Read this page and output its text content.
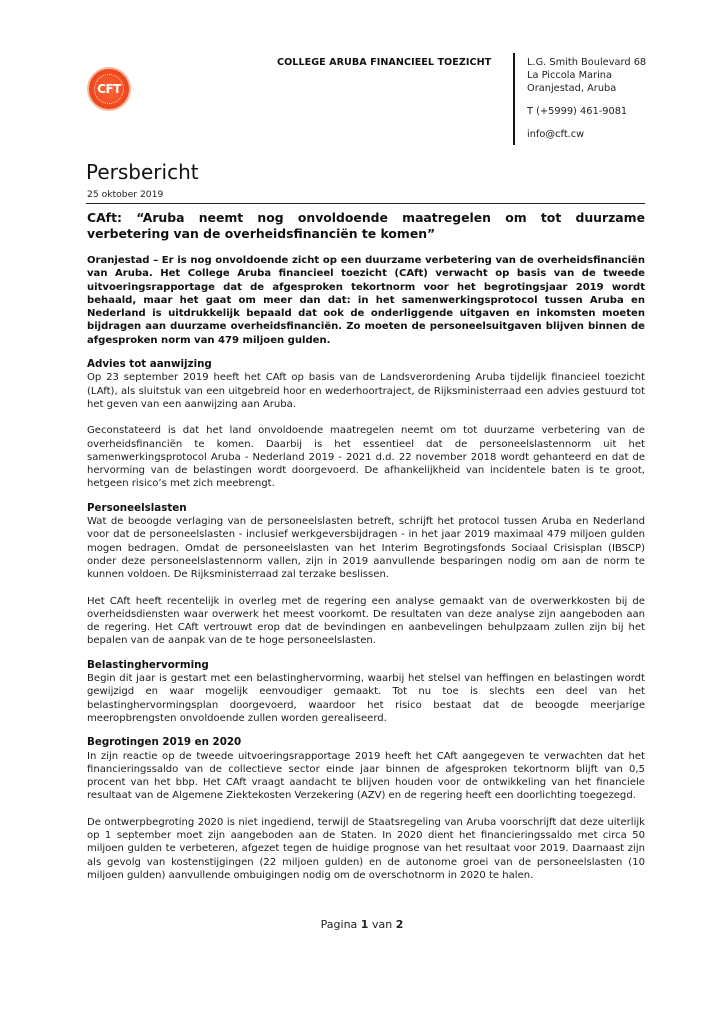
CFT
COLLEGE ARUBA FINANCIEEL TOEZICHT	L.G. Smith Boulevard 68
La Piccola Marina
Oranjestad, Aruba
T (+5999) 461-9081
info@cft.cw
Persbericht
25 oktober 2019
CAft: “Aruba neemt nog onvoldoende maatregelen om tot duurzame verbetering van de overheidsfinanciën te komen”

Oranjestad – Er is nog onvoldoende zicht op een duurzame verbetering van de overheidsfinanciën van Aruba. Het College Aruba financieel toezicht (CAft) verwacht op basis van de tweede uitvoeringsrapportage dat de afgesproken tekortnorm voor het begrotingsjaar 2019 wordt behaald, maar het gaat om meer dan dat: in het samenwerkingsprotocol tussen Aruba en Nederland is uitdrukkelijk bepaald dat ook de onderliggende uitgaven en inkomsten moeten bijdragen aan duurzame overheidsfinanciën. Zo moeten de personeelsuitgaven blijven binnen de afgesproken norm van 479 miljoen gulden.

Advies tot aanwijzing

Op 23 september 2019 heeft het CAft op basis van de Landsverordening Aruba tijdelijk financieel toezicht (LAft), als sluitstuk van een uitgebreid hoor en wederhoortraject, de Rijksministerraad een advies gestuurd tot het geven van een aanwijzing aan Aruba.

Geconstateerd is dat het land onvoldoende maatregelen neemt om tot duurzame verbetering van de overheidsfinanciën te komen. Daarbij is het essentieel dat de personeelslastennorm uit het samenwerkingsprotocol Aruba - Nederland 2019 - 2021 d.d. 22 november 2018 wordt gehanteerd en dat de hervorming van de belastingen wordt doorgevoerd. De afhankelijkheid van incidentele baten is te groot, hetgeen risico’s met zich meebrengt.

Personeelslasten

Wat de beoogde verlaging van de personeelslasten betreft, schrijft het protocol tussen Aruba en Nederland voor dat de personeelslasten - inclusief werkgeversbijdragen - in het jaar 2019 maximaal 479 miljoen gulden mogen bedragen. Omdat de personeelslasten van het Interim Begrotingsfonds Sociaal Crisisplan (IBSCP) onder deze personeelslastennorm vallen, zijn in 2019 aanvullende besparingen nodig om aan de norm te kunnen voldoen. De Rijksministerraad zal terzake beslissen.

Het CAft heeft recentelijk in overleg met de regering een analyse gemaakt van de overwerkkosten bij de overheidsdiensten waar overwerk het meest voorkomt. De resultaten van deze analyse zijn aangeboden aan de regering. Het CAft vertrouwt erop dat de bevindingen en aanbevelingen behulpzaam zullen zijn bij het bepalen van de aanpak van de te hoge personeelslasten.

Belastinghervorming

Begin dit jaar is gestart met een belastinghervorming, waarbij het stelsel van heffingen en belastingen wordt gewijzigd en waar mogelijk eenvoudiger gemaakt. Tot nu toe is slechts een deel van het belastinghervormingsplan doorgevoerd, waardoor het risico bestaat dat de beoogde meerjarige meeropbrengsten onvoldoende zullen worden gerealiseerd.

Begrotingen 2019 en 2020

In zijn reactie op de tweede uitvoeringsrapportage 2019 heeft het CAft aangegeven te verwachten dat het financieringssaldo van de collectieve sector einde jaar binnen de afgesproken tekortnorm blijft van 0,5 procent van het bbp. Het CAft vraagt aandacht te blijven houden voor de ontwikkeling van het financiele resultaat van de Algemene Ziektekosten Verzekering (AZV) en de regering heeft een doorlichting toegezegd.

De ontwerpbegroting 2020 is niet ingediend, terwijl de Staatsregeling van Aruba voorschrijft dat deze uiterlijk op 1 september moet zijn aangeboden aan de Staten. In 2020 dient het financieringssaldo met circa 50 miljoen gulden te verbeteren, afgezet tegen de huidige prognose van het resultaat voor 2019. Daarnaast zijn als gevolg van kostenstijgingen (22 miljoen gulden) en de autonome groei van de personeelslasten (10 miljoen gulden) aanvullende ombuigingen nodig om de overschotnorm in 2020 te halen.

Pagina 1 van 2
